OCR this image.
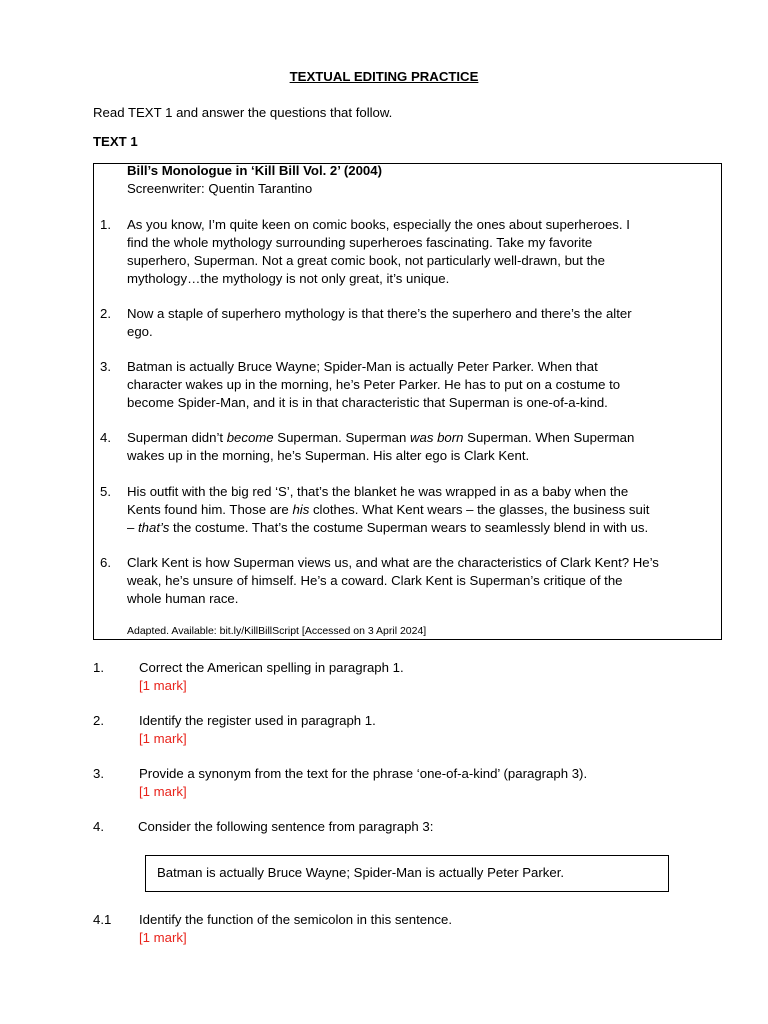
TEXTUAL EDITING PRACTICE
Read TEXT 1 and answer the questions that follow.
TEXT 1
Bill’s Monologue in ‘Kill Bill Vol. 2’ (2004)
Screenwriter: Quentin Tarantino
1.	As you know, I’m quite keen on comic books, especially the ones about superheroes. I
find the whole mythology surrounding superheroes fascinating. Take my favorite
superhero, Superman. Not a great comic book, not particularly well-drawn, but the
mythology…the mythology is not only great, it’s unique.
2.	Now a staple of superhero mythology is that there’s the superhero and there’s the alter
ego.
3.	Batman is actually Bruce Wayne; Spider-Man is actually Peter Parker. When that
character wakes up in the morning, he’s Peter Parker. He has to put on a costume to
become Spider-Man, and it is in that characteristic that Superman is one-of-a-kind.
4.	Superman didn’t become Superman. Superman was born Superman. When Superman
wakes up in the morning, he’s Superman. His alter ego is Clark Kent.
5.	His outfit with the big red ‘S’, that’s the blanket he was wrapped in as a baby when the
Kents found him. Those are his clothes. What Kent wears – the glasses, the business suit
– that’s the costume. That’s the costume Superman wears to seamlessly blend in with us.
6.	Clark Kent is how Superman views us, and what are the characteristics of Clark Kent? He’s
weak, he’s unsure of himself. He’s a coward. Clark Kent is Superman’s critique of the
whole human race.
Adapted. Available: bit.ly/KillBillScript [Accessed on 3 April 2024]
1.	Correct the American spelling in paragraph 1.
[1 mark]
2.	Identify the register used in paragraph 1.
[1 mark]
3.	Provide a synonym from the text for the phrase ‘one-of-a-kind’ (paragraph 3).
[1 mark]
4.	Consider the following sentence from paragraph 3:
Batman is actually Bruce Wayne; Spider-Man is actually Peter Parker.
4.1 Identify the function of the semicolon in this sentence.
[1 mark]
